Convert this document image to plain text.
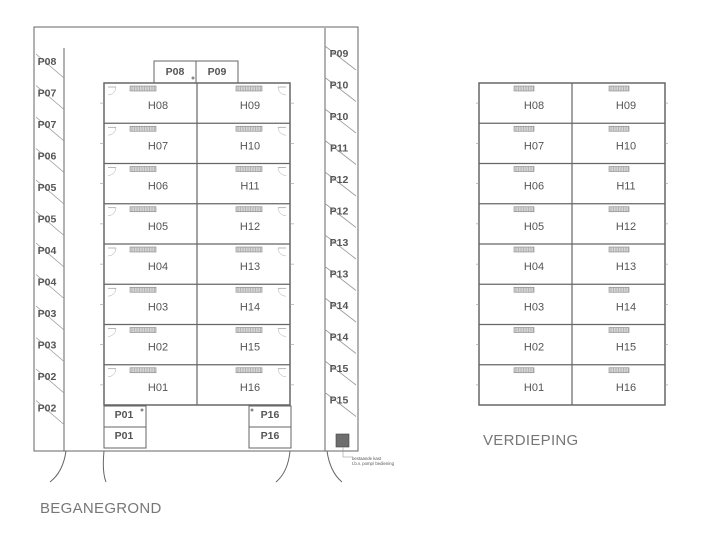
P08
P07
P07
P06
P05
P05
P04
P04
P03
P03
P02
P02
P09
P10
P10
P11
P12
P12
P13
P13
P14
P14
P15
P15
P08 P09
H08	H09
H07	H10
H06	H11
H05	H12
H04	H13
H03	H14
H02	H15
H01	H16
P01
P01
P16
P16
bestaande kast
t.b.v. pomp/ bediening
H08	H09
H07	H10
H06	H11
H05	H12
H04	H13
H03	H14
H02	H15
H01	H16
BEGANEGROND
VERDIEPING
